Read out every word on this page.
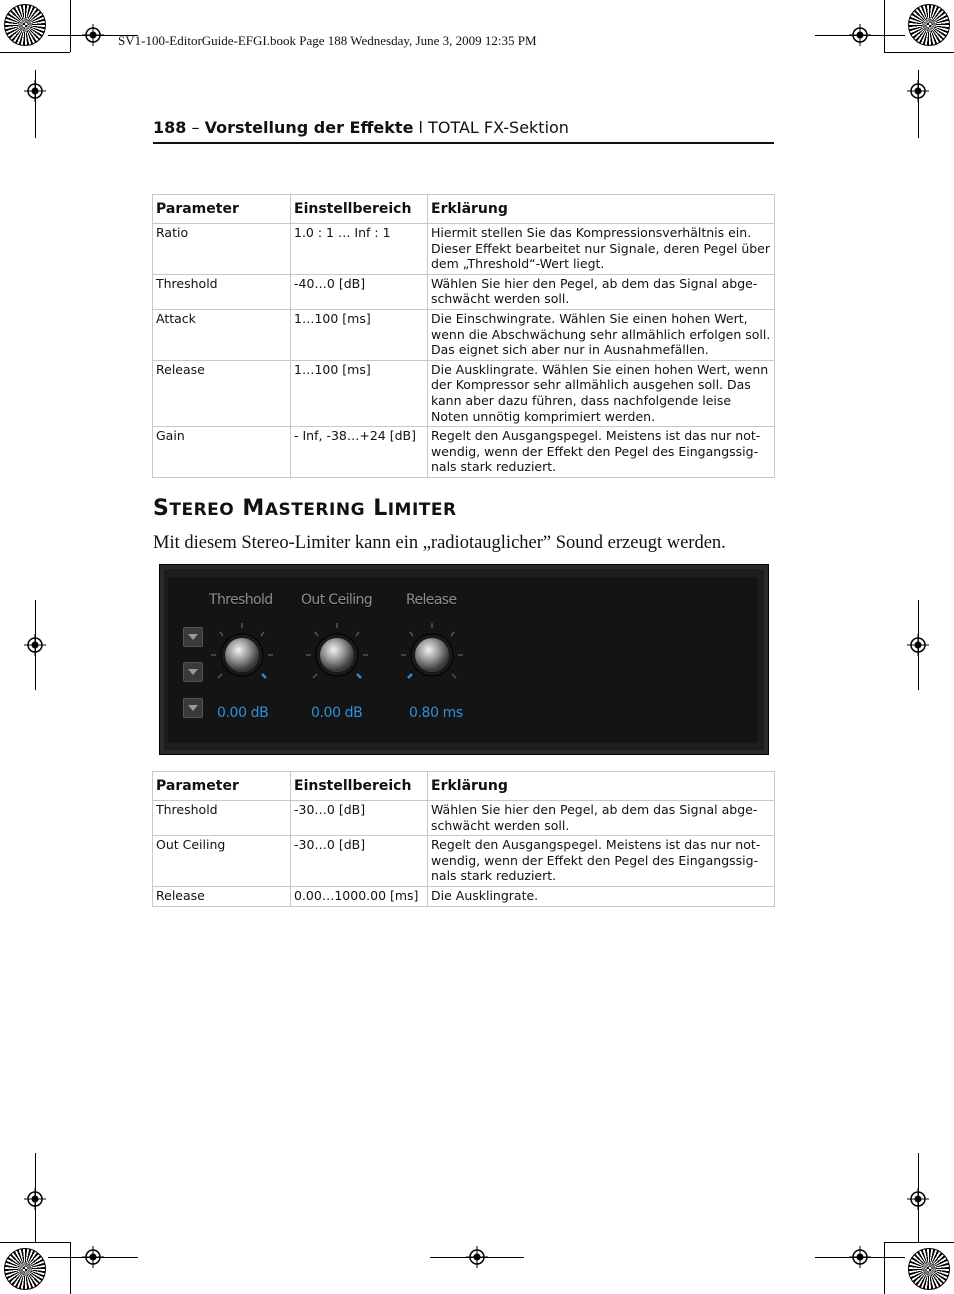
SV1-100-EditorGuide-EFGI.book Page 188 Wednesday, June 3, 2009 12:35 PM
188 – Vorstellung der Effekte l TOTAL FX-Sektion
Parameter	Einstellbereich	Erklärung
Ratio	1.0 : 1 … Inf : 1	Hiermit stellen Sie das Kompressionsverhältnis ein. Dieser Effekt bearbeitet nur Signale, deren Pegel über dem „Threshold“-Wert liegt.
Threshold	-40…0 [dB]	Wählen Sie hier den Pegel, ab dem das Signal abge- schwächt werden soll.
Attack	1…100 [ms]	Die Einschwingrate. Wählen Sie einen hohen Wert, wenn die Abschwächung sehr allmählich erfolgen soll. Das eignet sich aber nur in Ausnahmefällen.
Release	1…100 [ms]	Die Ausklingrate. Wählen Sie einen hohen Wert, wenn der Kompressor sehr allmählich ausgehen soll. Das kann aber dazu führen, dass nachfolgende leise Noten unnötig komprimiert werden.
Gain	- Inf, -38…+24 [dB]	Regelt den Ausgangspegel. Meistens ist das nur not- wendig, wenn der Effekt den Pegel des Eingangssig- nals stark reduziert.
STEREO MASTERING LIMITER
Mit diesem Stereo-Limiter kann ein „radiotauglicher” Sound erzeugt werden.
Threshold
0.00 dB
Out Ceiling
0.00 dB
Release
0.80 ms
Parameter	Einstellbereich	Erklärung
Threshold	-30…0 [dB]	Wählen Sie hier den Pegel, ab dem das Signal abge- schwächt werden soll.
Out Ceiling	-30…0 [dB]	Regelt den Ausgangspegel. Meistens ist das nur not- wendig, wenn der Effekt den Pegel des Eingangssig- nals stark reduziert.
Release	0.00…1000.00 [ms]	Die Ausklingrate.
